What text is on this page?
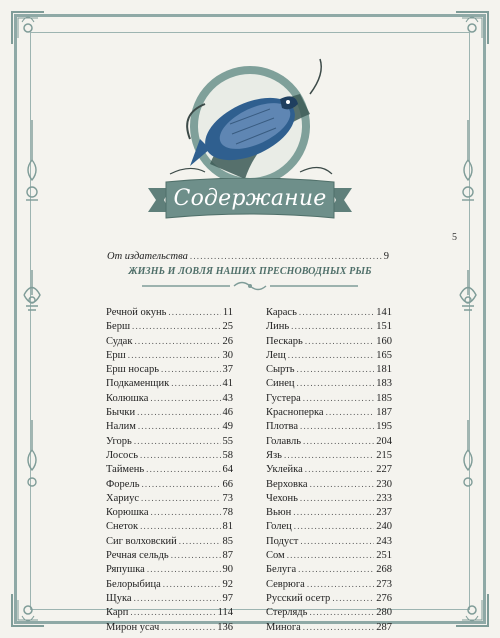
Содержание
5
От издательства .....	9
ЖИЗНЬ И ЛОВЛЯ НАШИХ ПРЕСНОВОДНЫХ РЫБ
Речной окунь .....	11
Берш .....	25
Судак .....	26
Ерш .....	30
Ерш носарь .....	37
Подкаменщик .....	41
Колюшка .....	43
Бычки .....	46
Налим .....	49
Угорь .....	55
Лосось .....	58
Таймень .....	64
Форель .....	66
Хариус .....	73
Корюшка .....	78
Снеток .....	81
Сиг волховский .....	85
Речная сельдь .....	87
Ряпушка .....	90
Белорыбица .....	92
Щука .....	97
Карп .....	114
Мирон усач .....	136
Карась .....	141
Линь .....	151
Пескарь .....	160
Лещ .....	165
Сырть .....	181
Синец .....	183
Густера .....	185
Красноперка .....	187
Плотва .....	195
Голавль .....	204
Язь .....	215
Уклейка .....	227
Верховка .....	230
Чехонь .....	233
Вьюн .....	237
Голец .....	240
Подуст .....	243
Сом .....	251
Белуга .....	268
Севрюга .....	273
Русский осетр .....	276
Стерлядь .....	280
Минога .....	287
